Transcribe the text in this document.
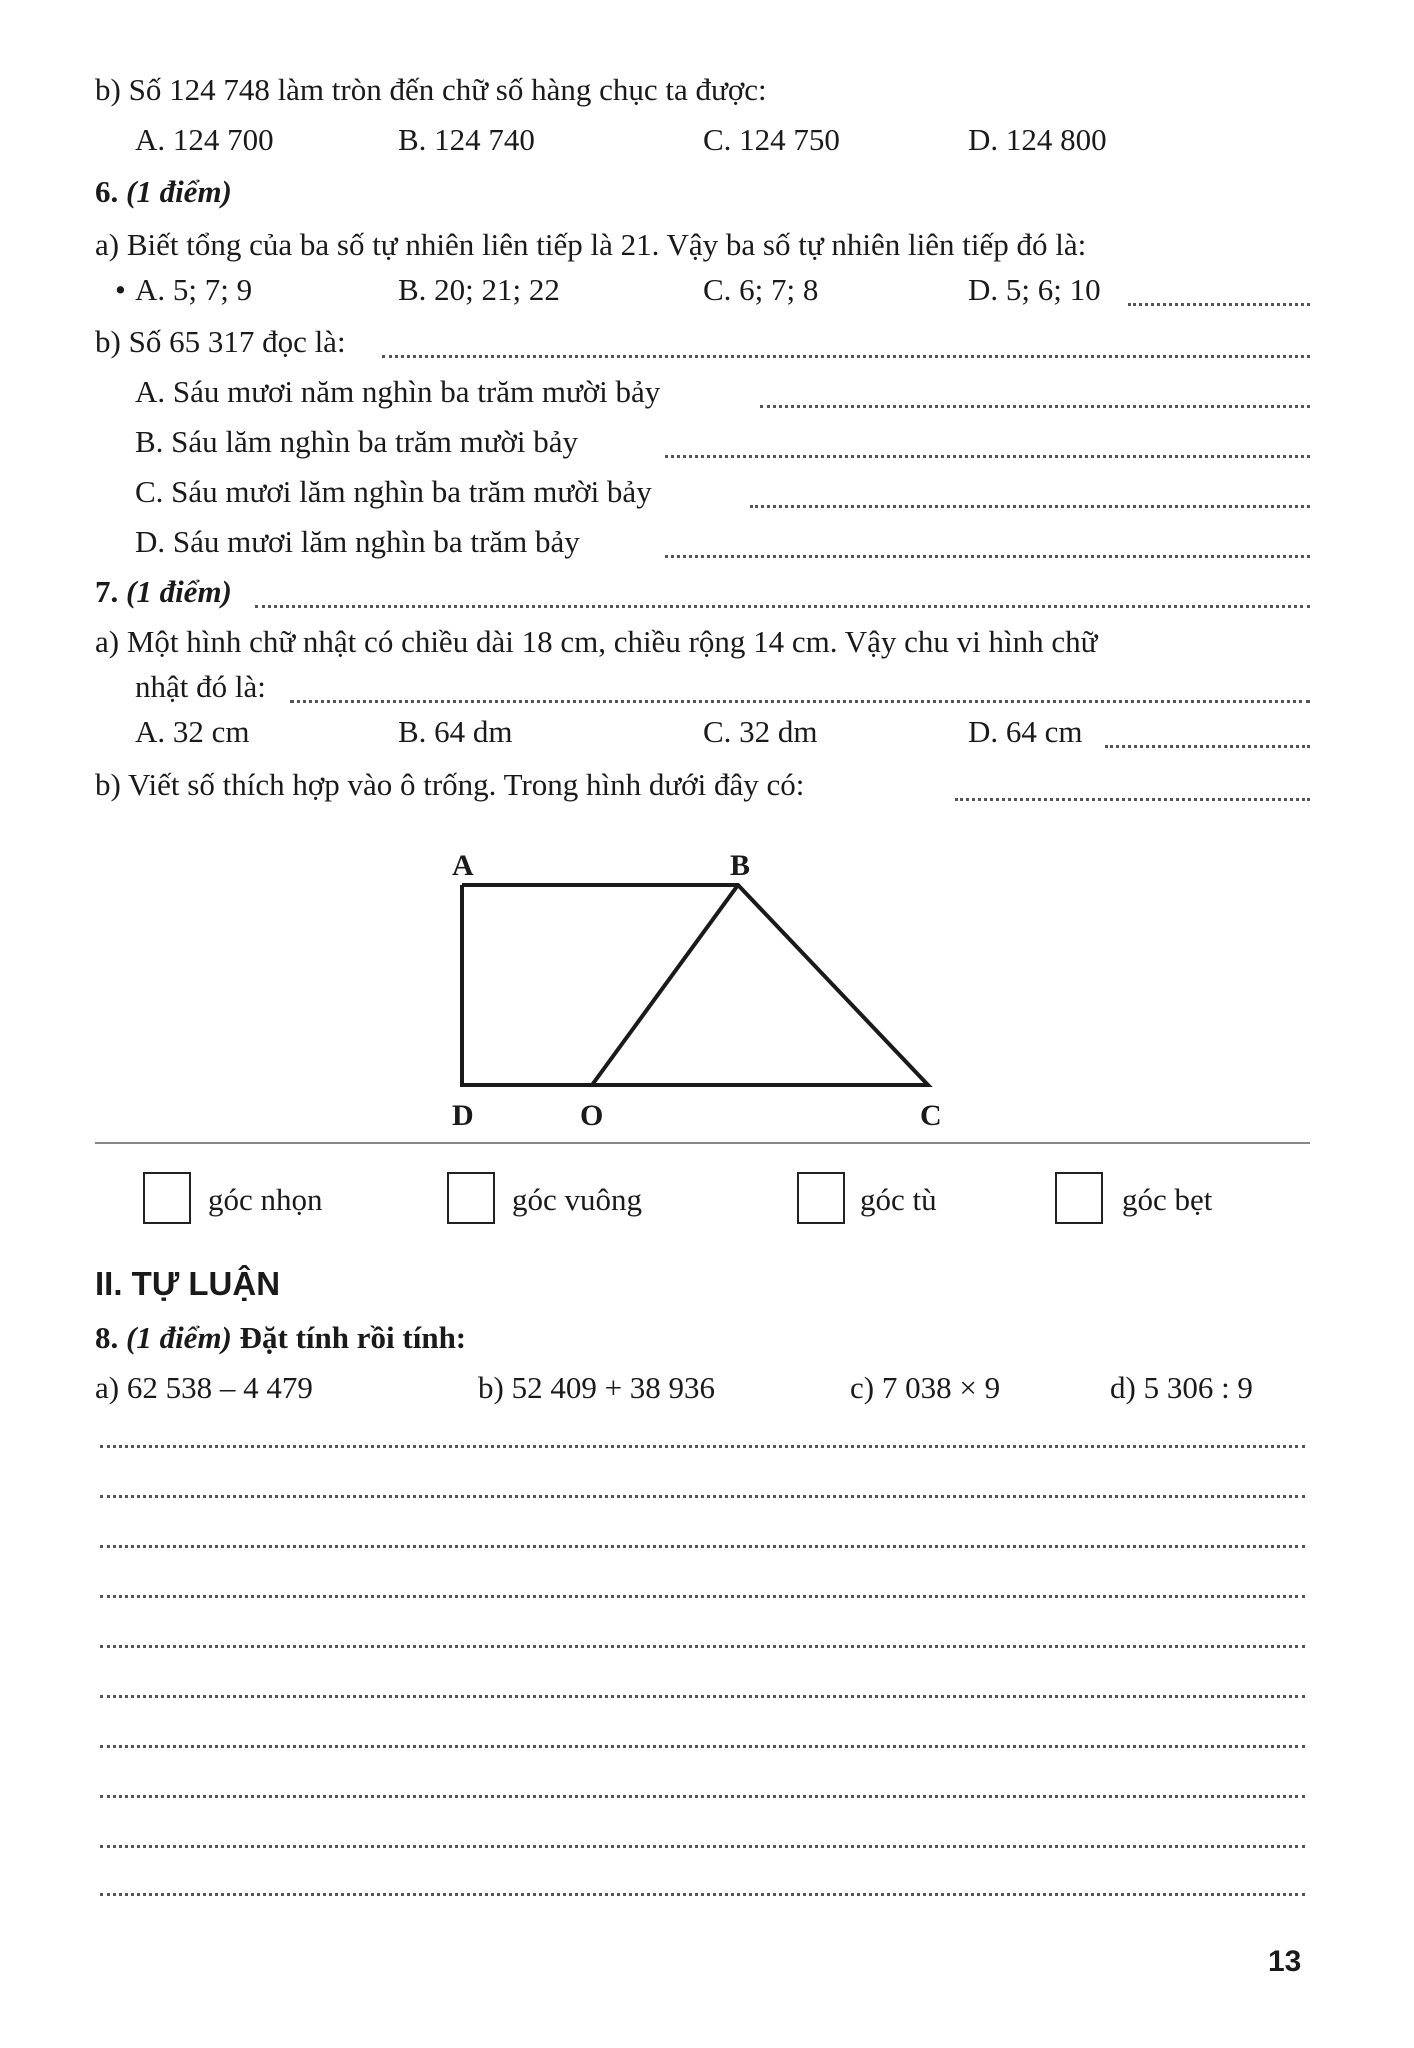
b) Số 124 748 làm tròn đến chữ số hàng chục ta được:
A. 124 700	B. 124 740	C. 124 750	D. 124 800
6. (1 điểm)
a) Biết tổng của ba số tự nhiên liên tiếp là 21. Vậy ba số tự nhiên liên tiếp đó là:
• A. 5; 7; 9	B. 20; 21; 22	C. 6; 7; 8	D. 5; 6; 10
b) Số 65 317 đọc là:
A. Sáu mươi năm nghìn ba trăm mười bảy
B. Sáu lăm nghìn ba trăm mười bảy
C. Sáu mươi lăm nghìn ba trăm mười bảy
D. Sáu mươi lăm nghìn ba trăm bảy
7. (1 điểm)
a) Một hình chữ nhật có chiều dài 18 cm, chiều rộng 14 cm. Vậy chu vi hình chữ
nhật đó là:
A. 32 cm	B. 64 dm	C. 32 dm	D. 64 cm
b) Viết số thích hợp vào ô trống. Trong hình dưới đây có:
A	B
D	O	C
góc nhọn	góc vuông	góc tù	góc bẹt
II. TỰ LUẬN
8. (1 điểm) Đặt tính rồi tính:
a) 62 538 – 4 479	b) 52 409 + 38 936	c) 7 038 × 9	d) 5 306 : 9
13
